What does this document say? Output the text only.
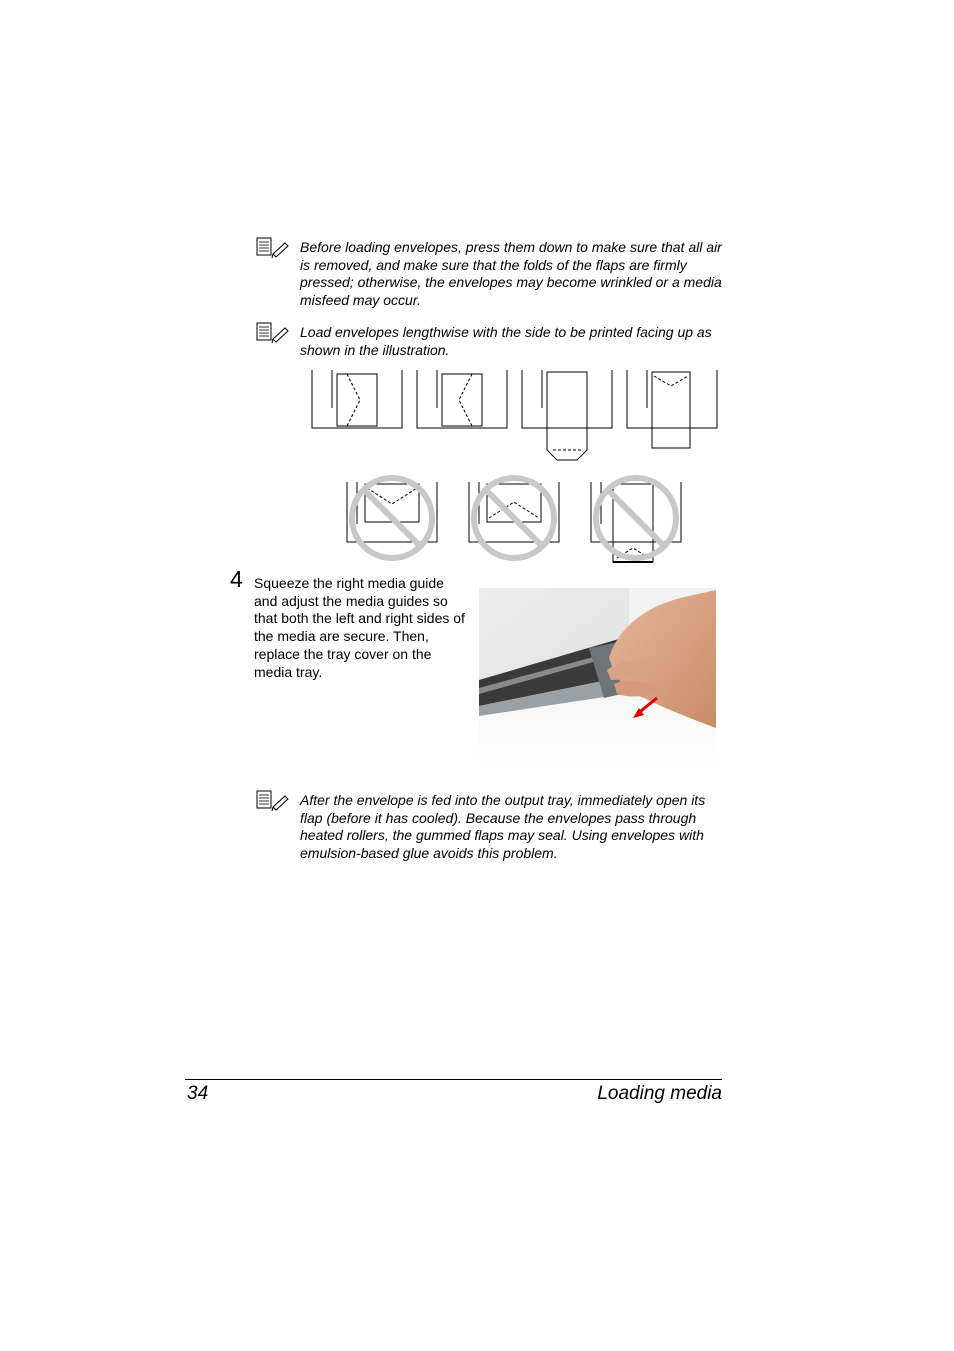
Before loading envelopes, press them down to make sure that all air is removed, and make sure that the folds of the flaps are firmly pressed; otherwise, the envelopes may become wrinkled or a media misfeed may occur.
Load envelopes lengthwise with the side to be printed facing up as shown in the illustration.
4 Squeeze the right media guide and adjust the media guides so that both the left and right sides of the media are secure. Then, replace the tray cover on the media tray.
After the envelope is fed into the output tray, immediately open its flap (before it has cooled). Because the envelopes pass through heated rollers, the gummed flaps may seal. Using envelopes with emulsion-based glue avoids this problem.
34	Loading media
